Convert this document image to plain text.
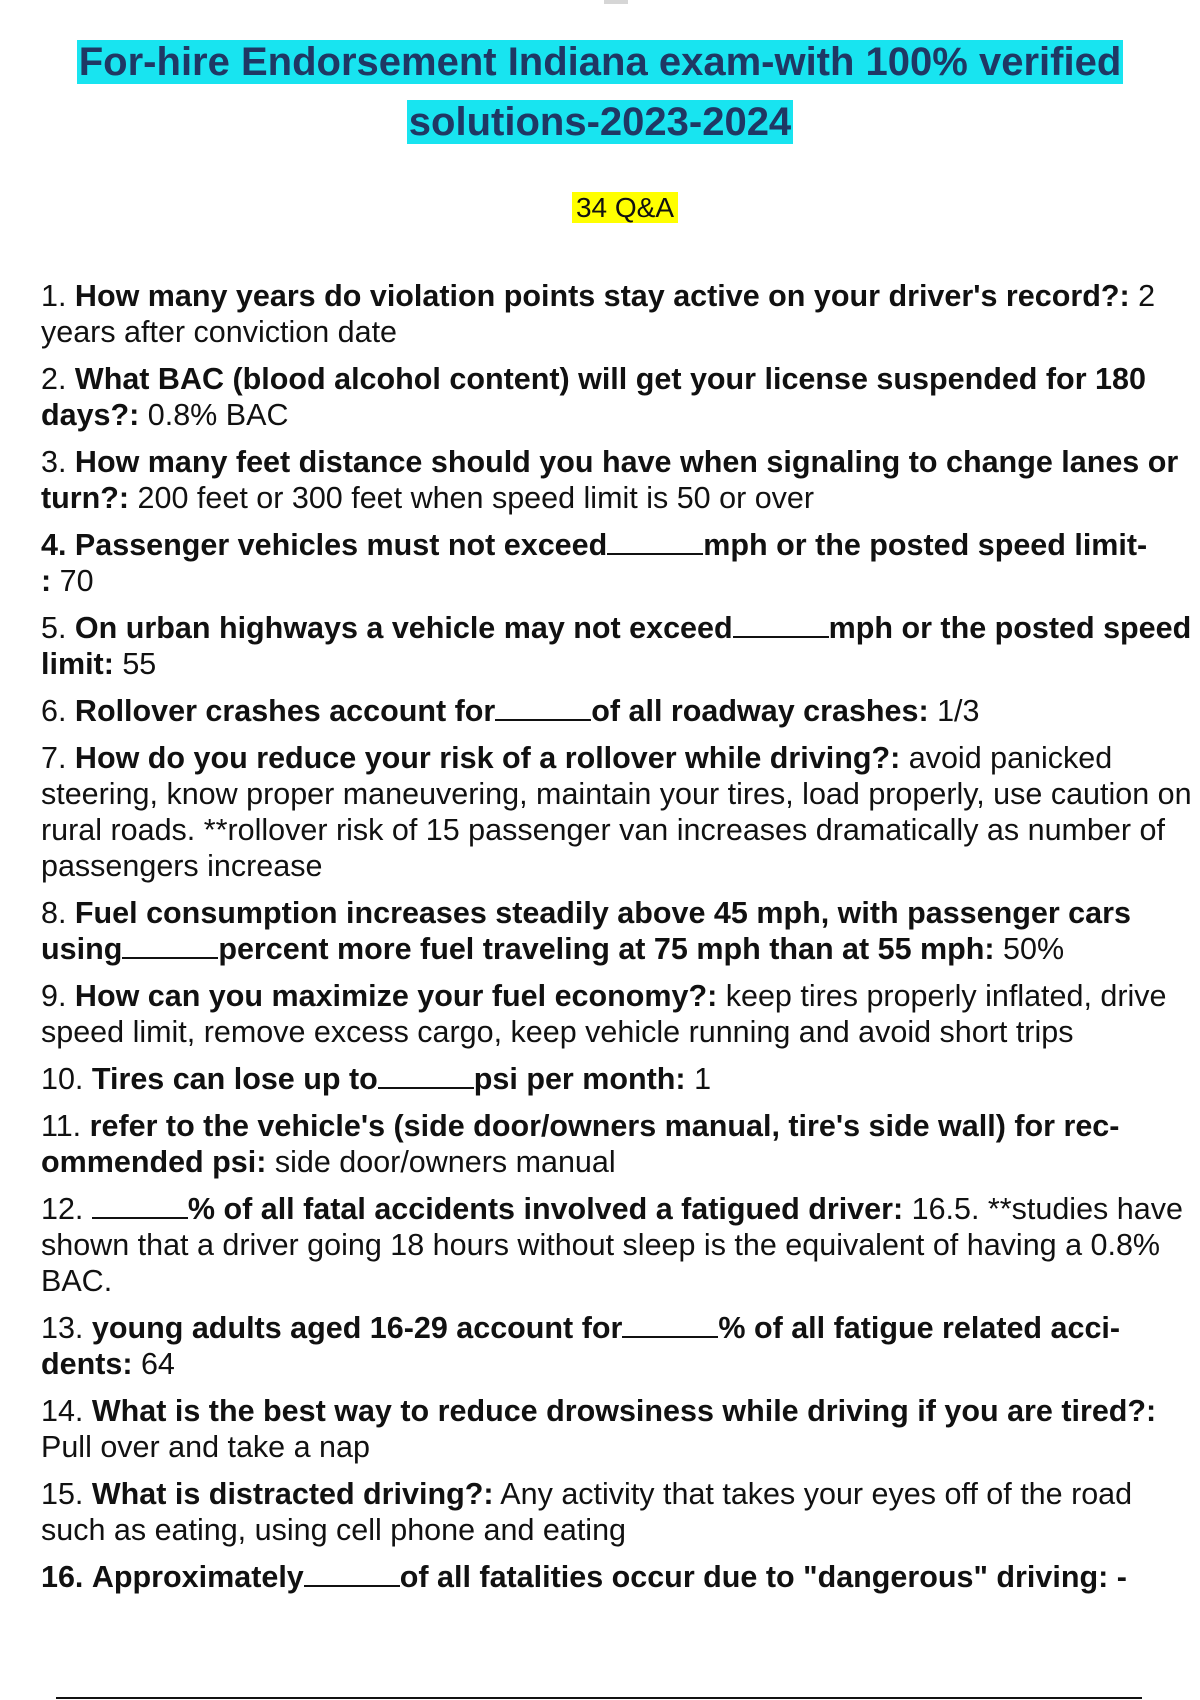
For-hire Endorsement Indiana exam-with 100% verified
solutions-2023-2024
34 Q&A
1. How many years do violation points stay active on your driver's record?: 2 years after conviction date
2. What BAC (blood alcohol content) will get your license suspended for 180 days?: 0.8% BAC
3. How many feet distance should you have when signaling to change lanes or turn?: 200 feet or 300 feet when speed limit is 50 or over
4. Passenger vehicles must not exceed	mph or the posted speed limit-
: 70
5. On urban highways a vehicle may not exceed	mph or the posted speed limit: 55
6. Rollover crashes account for	of all roadway crashes: 1/3
7. How do you reduce your risk of a rollover while driving?: avoid panicked steering, know proper maneuvering, maintain your tires, load properly, use caution on rural roads. **rollover risk of 15 passenger van increases dramatically as number of passengers increase
8. Fuel consumption increases steadily above 45 mph, with passenger cars using	percent more fuel traveling at 75 mph than at 55 mph: 50%
9. How can you maximize your fuel economy?: keep tires properly inflated, drive speed limit, remove excess cargo, keep vehicle running and avoid short trips
10. Tires can lose up to	psi per month: 1
11. refer to the vehicle's (side door/owners manual, tire's side wall) for rec-ommended psi: side door/owners manual
12.	% of all fatal accidents involved a fatigued driver: 16.5. **studies have shown that a driver going 18 hours without sleep is the equivalent of having a 0.8% BAC.
13. young adults aged 16-29 account for	% of all fatigue related acci-dents: 64
14. What is the best way to reduce drowsiness while driving if you are tired?: Pull over and take a nap
15. What is distracted driving?: Any activity that takes your eyes off of the road such as eating, using cell phone and eating
16. Approximately	of all fatalities occur due to "dangerous" driving: -
